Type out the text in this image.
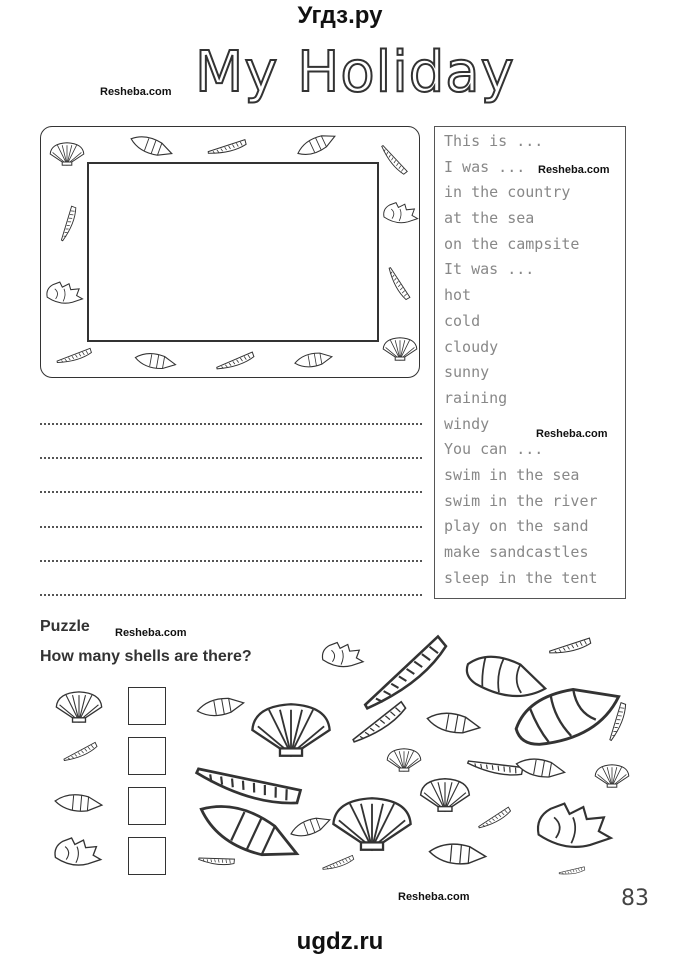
Угдз.ру
Resheba.com My Holiday
This is ...
I was ...
in the country
at the sea
on the campsite
It was ...
hot
cold
cloudy
sunny
raining
windy
You can ...
swim in the sea
swim in the river
play on the sand
make sandcastles
sleep in the tent
Resheba.com
Resheba.com
Puzzle Resheba.com
How many shells are there?
Resheba.com	83
ugdz.ru
